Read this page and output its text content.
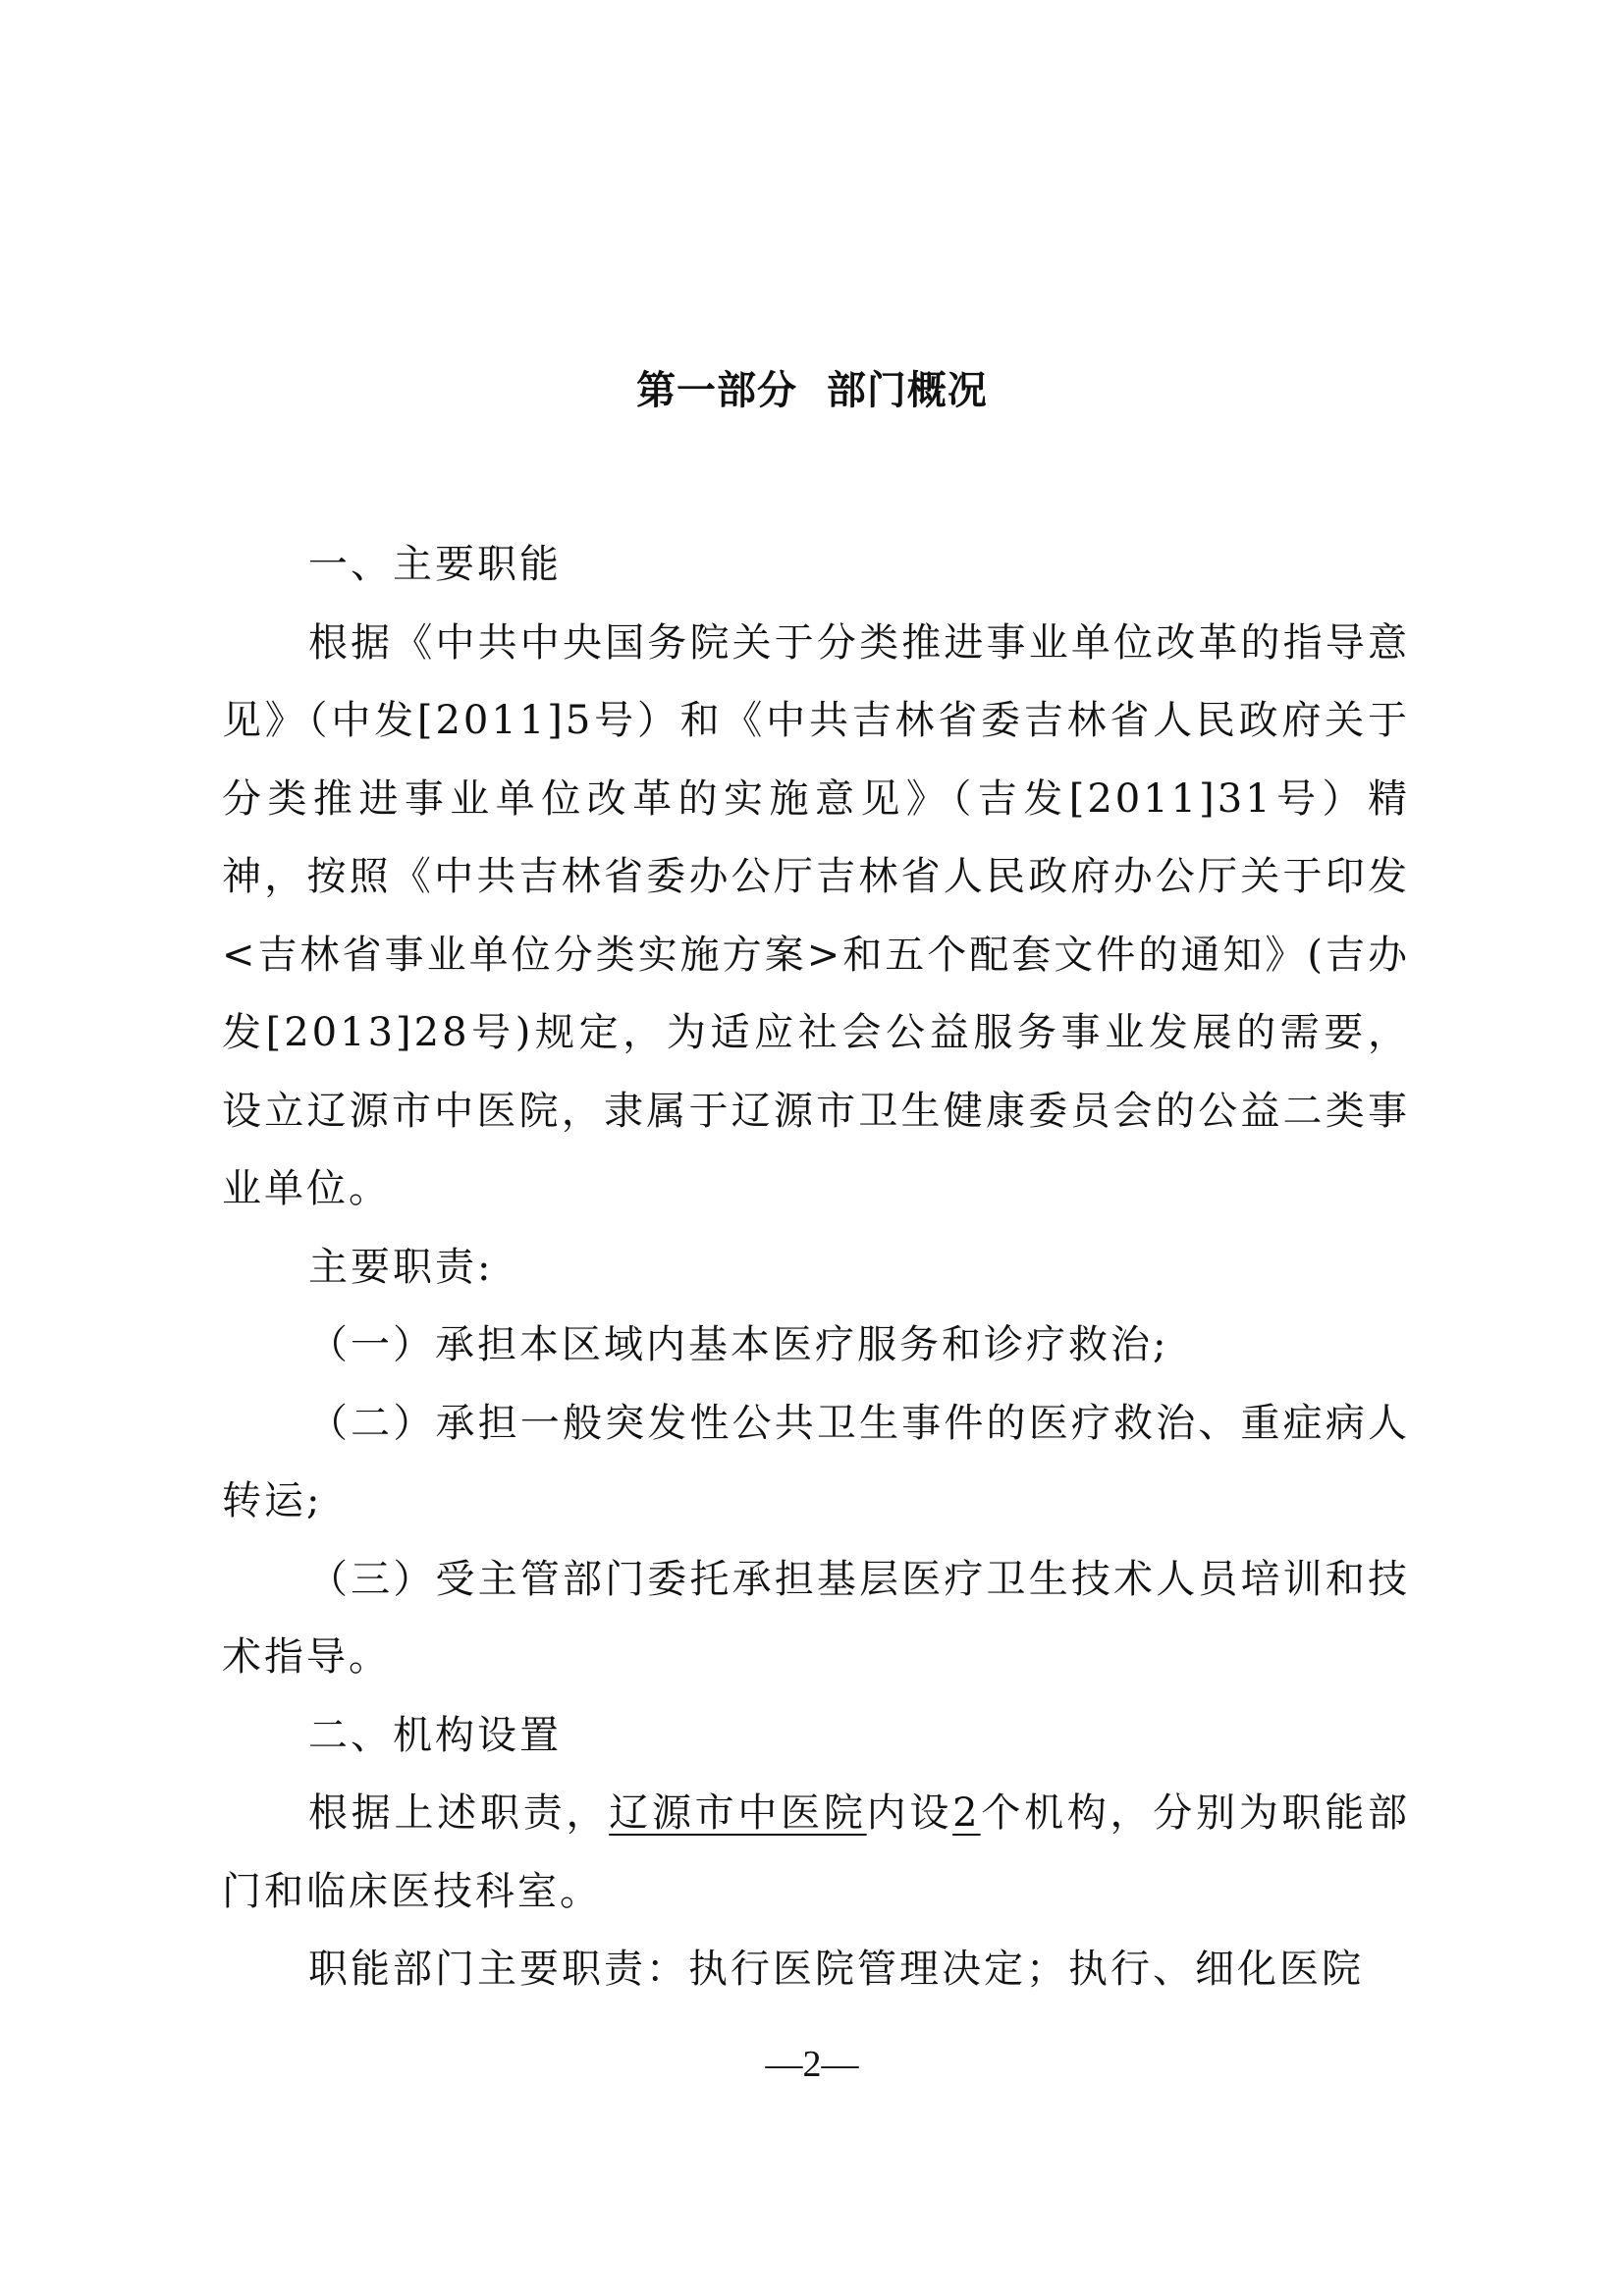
第一部分  部门概况

一、主要职能

根据《中共中央国务院关于分类推进事业单位改革的指导意见》（中发[2011]5号）和《中共吉林省委吉林省人民政府关于分类推进事业单位改革的实施意见》（吉发[2011]31号）精神，按照《中共吉林省委办公厅吉林省人民政府办公厅关于印发<吉林省事业单位分类实施方案>和五个配套文件的通知》(吉办发[2013]28号)规定，为适应社会公益服务事业发展的需要，设立辽源市中医院，隶属于辽源市卫生健康委员会的公益二类事业单位。

主要职责:

（一）承担本区域内基本医疗服务和诊疗救治;

（二）承担一般突发性公共卫生事件的医疗救治、重症病人转运;

（三）受主管部门委托承担基层医疗卫生技术人员培训和技术指导。

二、机构设置

根据上述职责，辽源市中医院内设2个机构，分别为职能部门和临床医技科室。

职能部门主要职责：执行医院管理决定；执行、细化医院

—2—
